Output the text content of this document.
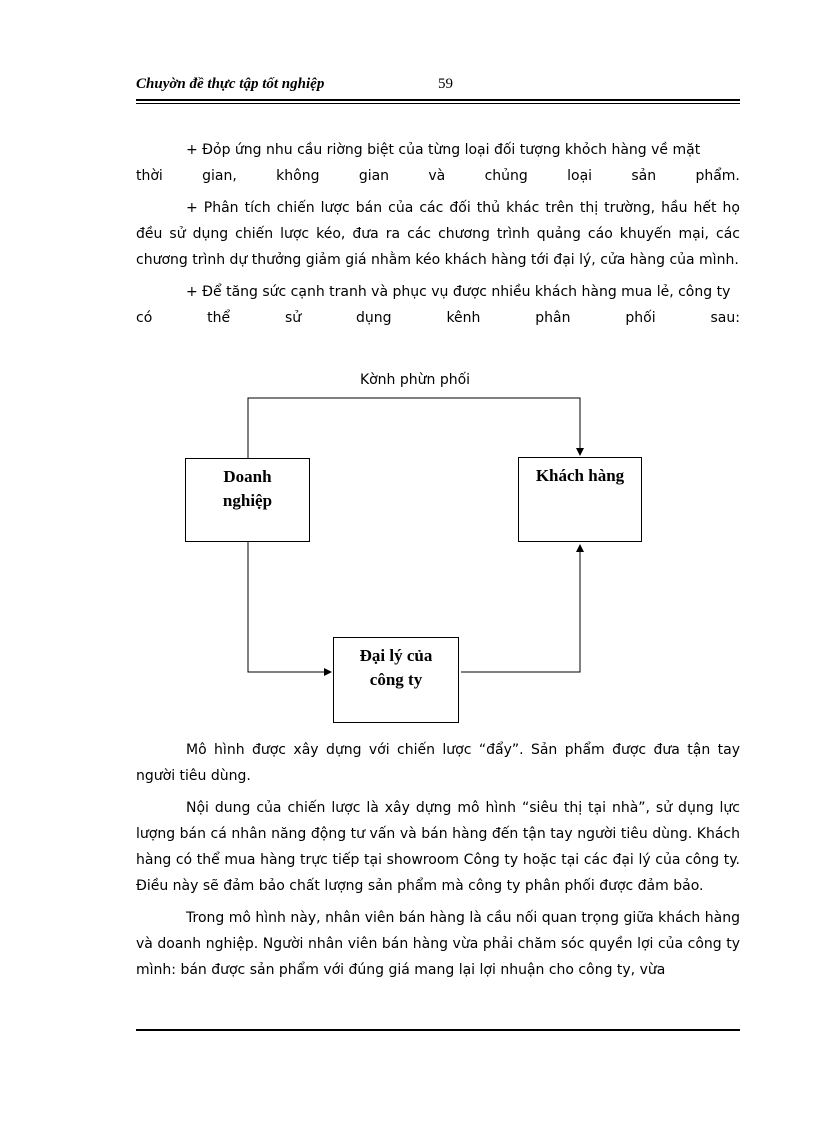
Chuyờn đề thực tập tốt nghiệp	59

+ Đỏp ứng nhu cầu riờng biệt của từng loại đối tượng khỏch hàng về mặt

thời	gian,	không	gian	và	chủng	loại	sản	phẩm.

+ Phân tích chiến lược bán của các đối thủ khác trên thị trường, hầu hết họ đều sử dụng chiến lược kéo, đưa ra các chương trình quảng cáo khuyến mại, các chương trình dự thưởng giảm giá nhằm kéo khách hàng tới đại lý, cửa hàng của mình.

+ Để tăng sức cạnh tranh và phục vụ được nhiều khách hàng mua lẻ, công ty

có	thể	sử	dụng	kênh	phân	phối	sau:
Kờnh phừn phối
Doanh
nghiệp
Khách hàng
Đại lý của
công ty

Mô hình được xây dựng với chiến lược “đẩy”. Sản phẩm được đưa tận tay người tiêu dùng.

Nội dung của chiến lược là xây dựng mô hình “siêu thị tại nhà”, sử dụng lực lượng bán cá nhân năng động tư vấn và bán hàng đến tận tay người tiêu dùng. Khách hàng có thể mua hàng trực tiếp tại showroom Công ty hoặc tại các đại lý của công ty. Điều này sẽ đảm bảo chất lượng sản phẩm mà công ty phân phối được đảm bảo.

Trong mô hình này, nhân viên bán hàng là cầu nối quan trọng giữa khách hàng và doanh nghiệp. Người nhân viên bán hàng vừa phải chăm sóc quyền lợi của công ty mình: bán được sản phẩm với đúng giá mang lại lợi nhuận cho công ty, vừa
